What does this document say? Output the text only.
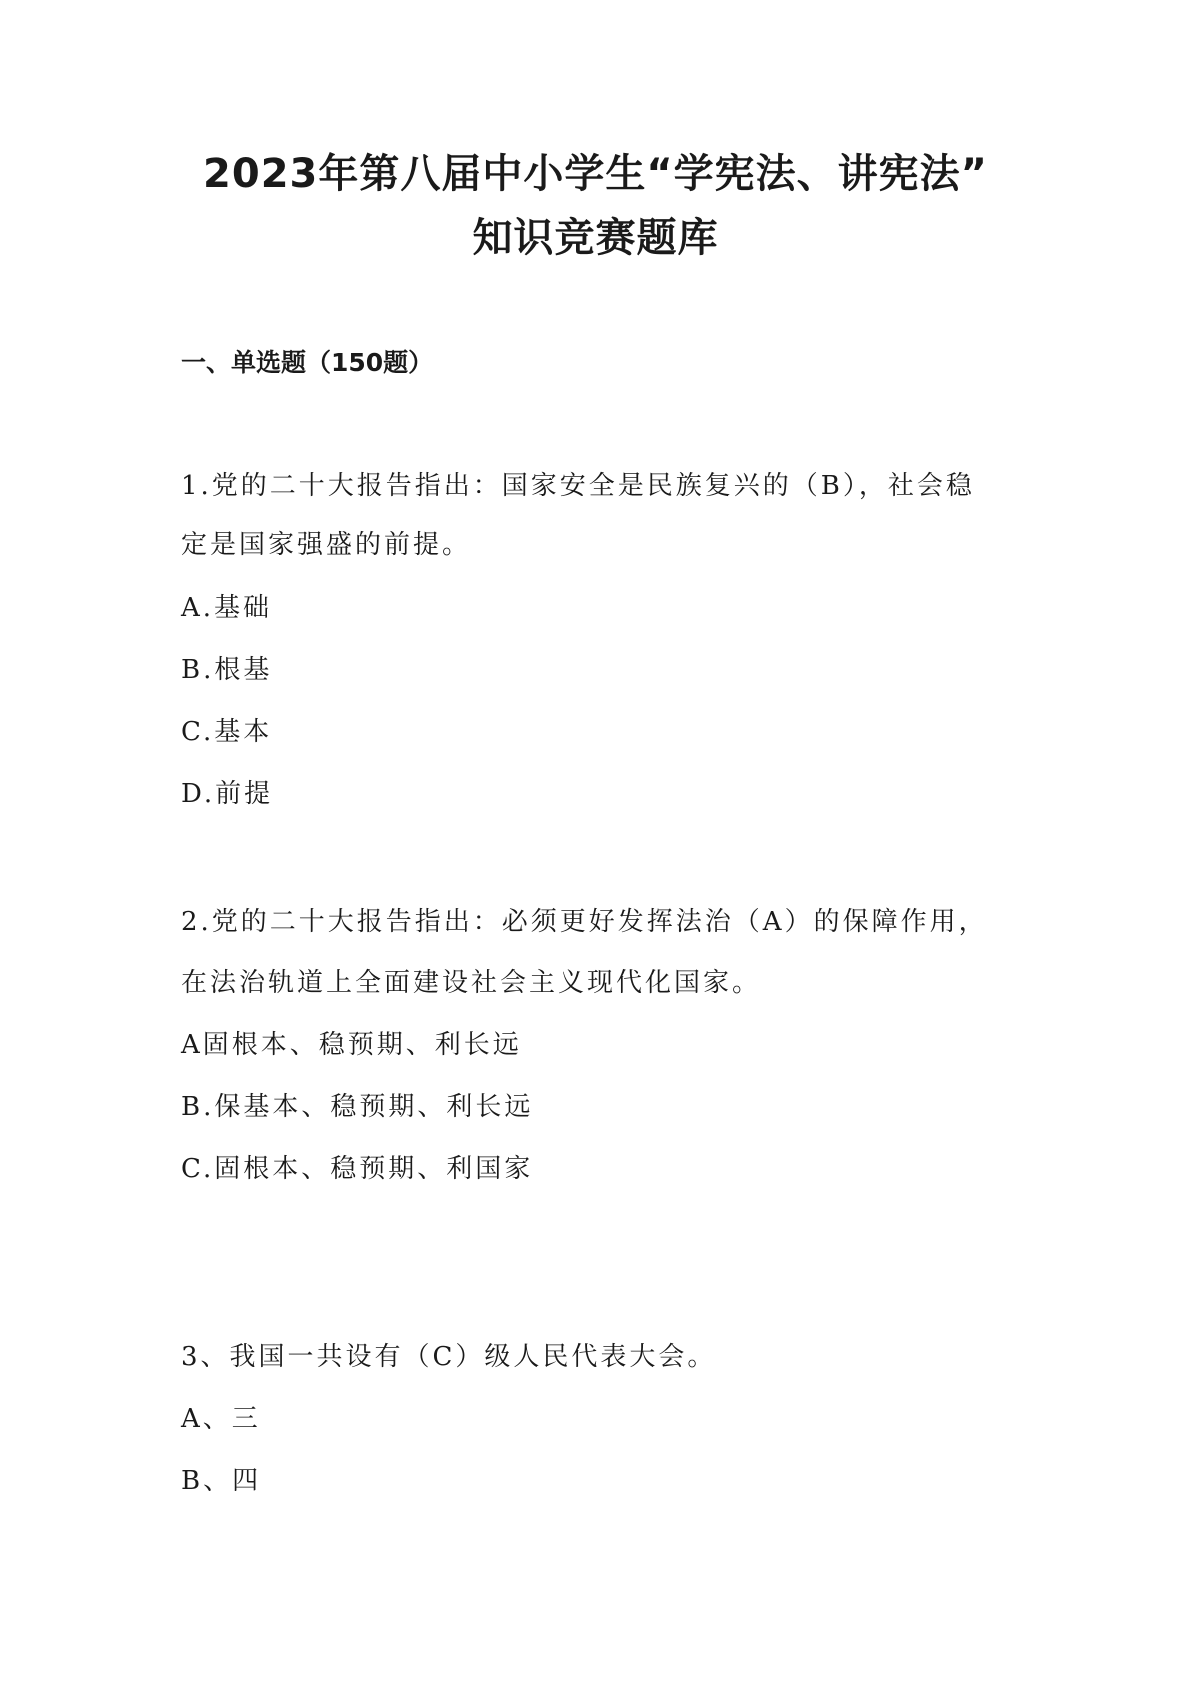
2023年第八届中小学生“学宪法、讲宪法”
知识竞赛题库
一、单选题（150题）
1.党的二十大报告指出：国家安全是民族复兴的（B），社会稳
定是国家强盛的前提。
A.基础
B.根基
C.基本
D.前提
2.党的二十大报告指出：必须更好发挥法治（A）的保障作用，
在法治轨道上全面建设社会主义现代化国家。
A固根本、稳预期、利长远
B.保基本、稳预期、利长远
C.固根本、稳预期、利国家
3、我国一共设有（C）级人民代表大会。
A、三
B、四
